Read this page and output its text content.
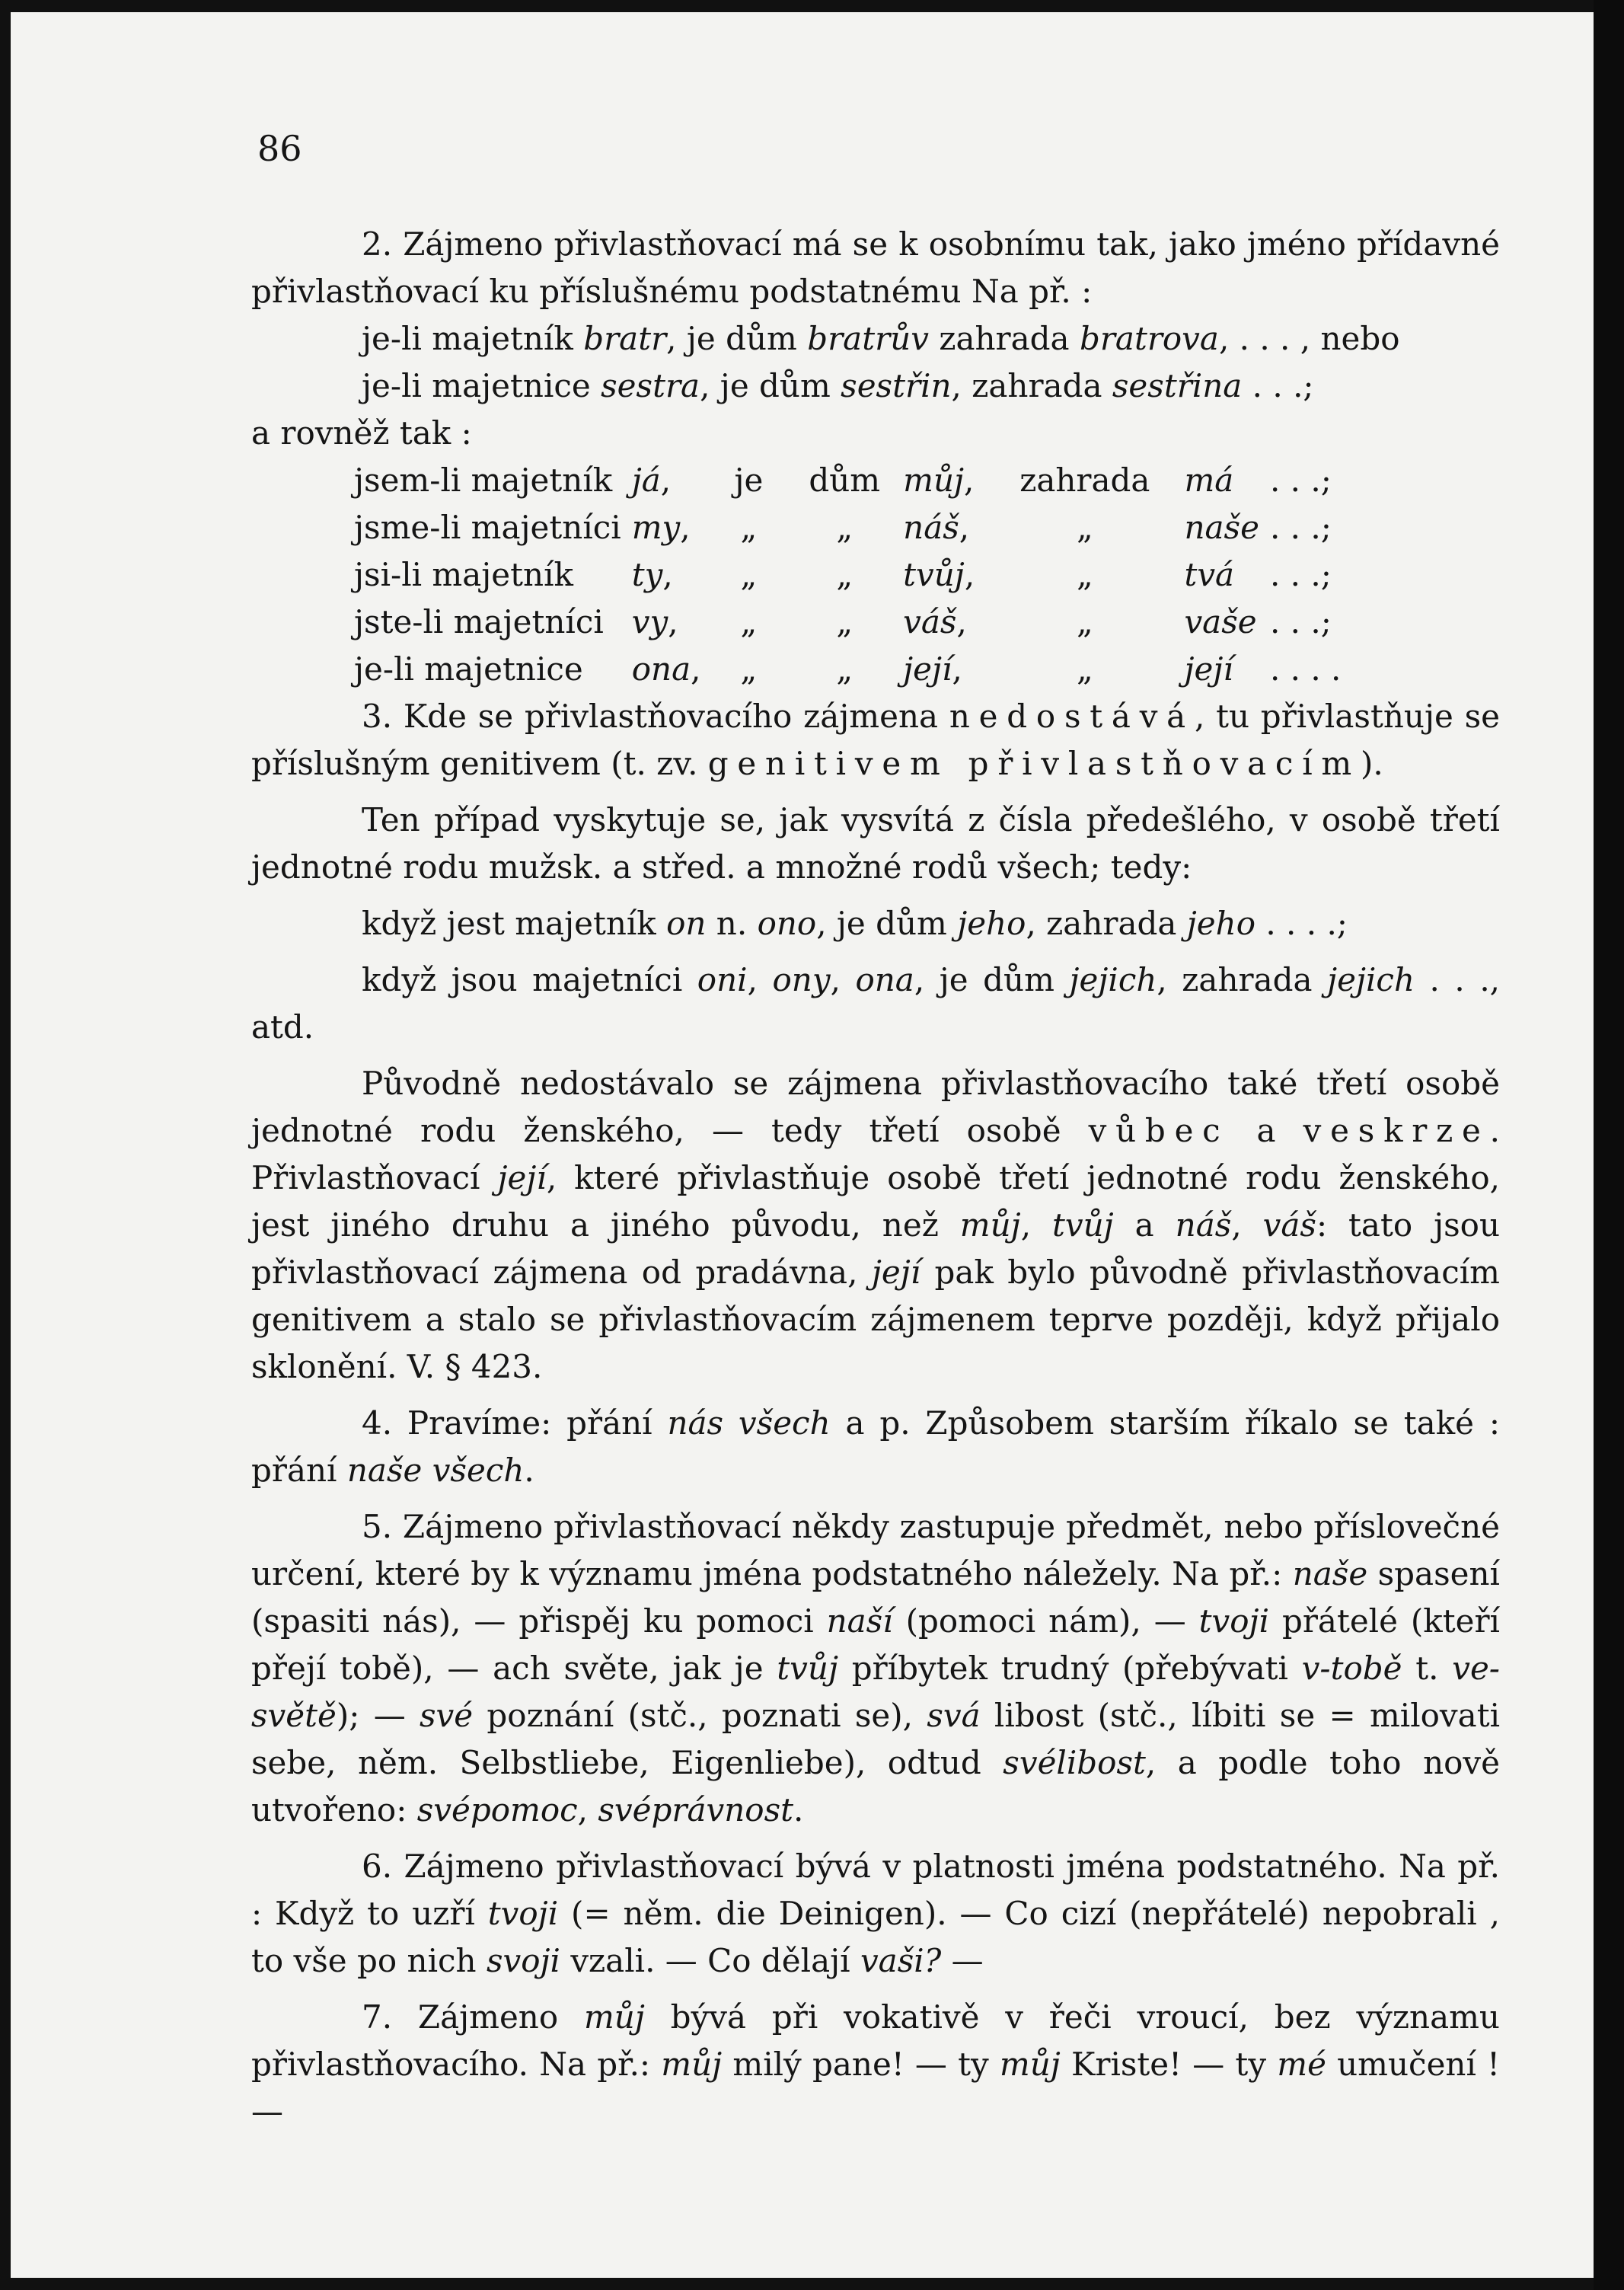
86

2. Zájmeno přivlastňovací má se k osobnímu tak, jako jméno přídavné přivlastňovací ku příslušnému podstatnému Na př. :

je-li majetník bratr, je dům bratrův zahrada bratrova, . . . , nebo

je-li majetnice sestra, je dům sestřin, zahrada sestřina . . .;

a rovněž tak :

jsem-li majetník	já,	je	dům	můj,	zahrada	má	. . .;
jsme-li majetníci	my,	„	„	náš,	„	naše	. . .;
jsi-li majetník	ty,	„	„	tvůj,	„	tvá	. . .;
jste-li majetníci	vy,	„	„	váš,	„	vaše	. . .;
je-li majetnice	ona,	„	„	její,	„	její	. . . .

3. Kde se přivlastňovacího zájmena nedostává, tu přivlastňuje se příslušným genitivem (t. zv. genitivem přivlastňovacím).

Ten případ vyskytuje se, jak vysvítá z čísla předešlého, v osobě třetí jednotné rodu mužsk. a střed. a množné rodů všech; tedy:

když jest majetník on n. ono, je dům jeho, zahrada jeho . . . .;

když jsou majetníci oni, ony, ona, je dům jejich, zahrada jejich . . ., atd.

Původně nedostávalo se zájmena přivlastňovacího také třetí osobě jednotné rodu ženského, — tedy třetí osobě vůbec a veskrze. Přivlastňovací její, které přivlastňuje osobě třetí jednotné rodu ženského, jest jiného druhu a jiného původu, než můj, tvůj a náš, váš: tato jsou přivlastňovací zájmena od pradávna, její pak bylo původně přivlastňovacím genitivem a stalo se přivlastňovacím zájmenem teprve později, když přijalo sklonění. V. § 423.

4. Pravíme: přání nás všech a p. Způsobem starším říkalo se také : přání naše všech.

5. Zájmeno přivlastňovací někdy zastupuje předmět, nebo příslovečné určení, které by k významu jména podstatného náležely. Na př.: naše spasení (spasiti nás), — přispěj ku pomoci naší (pomoci nám), — tvoji přátelé (kteří přejí tobě), — ach světe, jak je tvůj příbytek trudný (přebývati v-tobě t. ve-světě); — své poznání (stč., poznati se), svá libost (stč., líbiti se = milovati sebe, něm. Selbstliebe, Eigenliebe), odtud svélibost, a podle toho nově utvořeno: svépomoc, svéprávnost.

6. Zájmeno přivlastňovací bývá v platnosti jména podstatného. Na př. : Když to uzří tvoji (= něm. die Deinigen). — Co cizí (nepřátelé) nepobrali , to vše po nich svoji vzali. — Co dělají vaši? —

7. Zájmeno můj bývá při vokativě v řeči vroucí, bez významu přivlastňovacího. Na př.: můj milý pane! — ty můj Kriste! — ty mé umučení ! —
